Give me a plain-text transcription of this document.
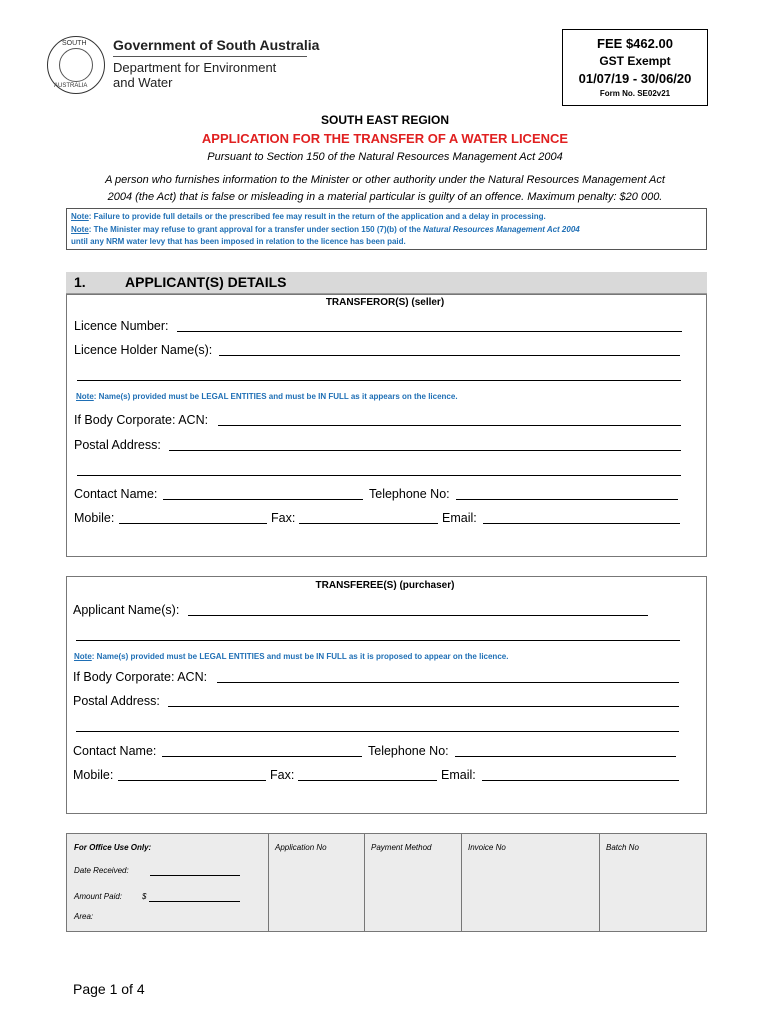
SOUTH
AUSTRALIA
Government of South Australia
Department for Environment
and Water
FEE $462.00
GST Exempt
01/07/19 - 30/06/20
Form No. SE02v21
SOUTH EAST REGION
APPLICATION FOR THE TRANSFER OF A WATER LICENCE
Pursuant to Section 150 of the Natural Resources Management Act 2004
A person who furnishes information to the Minister or other authority under the Natural Resources Management Act
2004 (the Act) that is false or misleading in a material particular is guilty of an offence. Maximum penalty: $20 000.
Note: Failure to provide full details or the prescribed fee may result in the return of the application and a delay in processing.
Note: The Minister may refuse to grant approval for a transfer under section 150 (7)(b) of the Natural Resources Management Act 2004
until any NRM water levy that has been imposed in relation to the licence has been paid.
1.	APPLICANT(S) DETAILS
TRANSFEROR(S) (seller)
Licence Number:
Licence Holder Name(s):
Note: Name(s) provided must be LEGAL ENTITIES and must be IN FULL as it appears on the licence.
If Body Corporate: ACN:
Postal Address:
Contact Name:	Telephone No:
Mobile:	Fax:	Email:
TRANSFEREE(S) (purchaser)
Applicant Name(s):
Note: Name(s) provided must be LEGAL ENTITIES and must be IN FULL as it is proposed to appear on the licence.
If Body Corporate: ACN:
Postal Address:
Contact Name:	Telephone No:
Mobile:	Fax:	Email:
For Office Use Only:
Date Received:
Amount Paid: $
Area:
Application No	Payment Method	Invoice No	Batch No
Page 1 of 4
